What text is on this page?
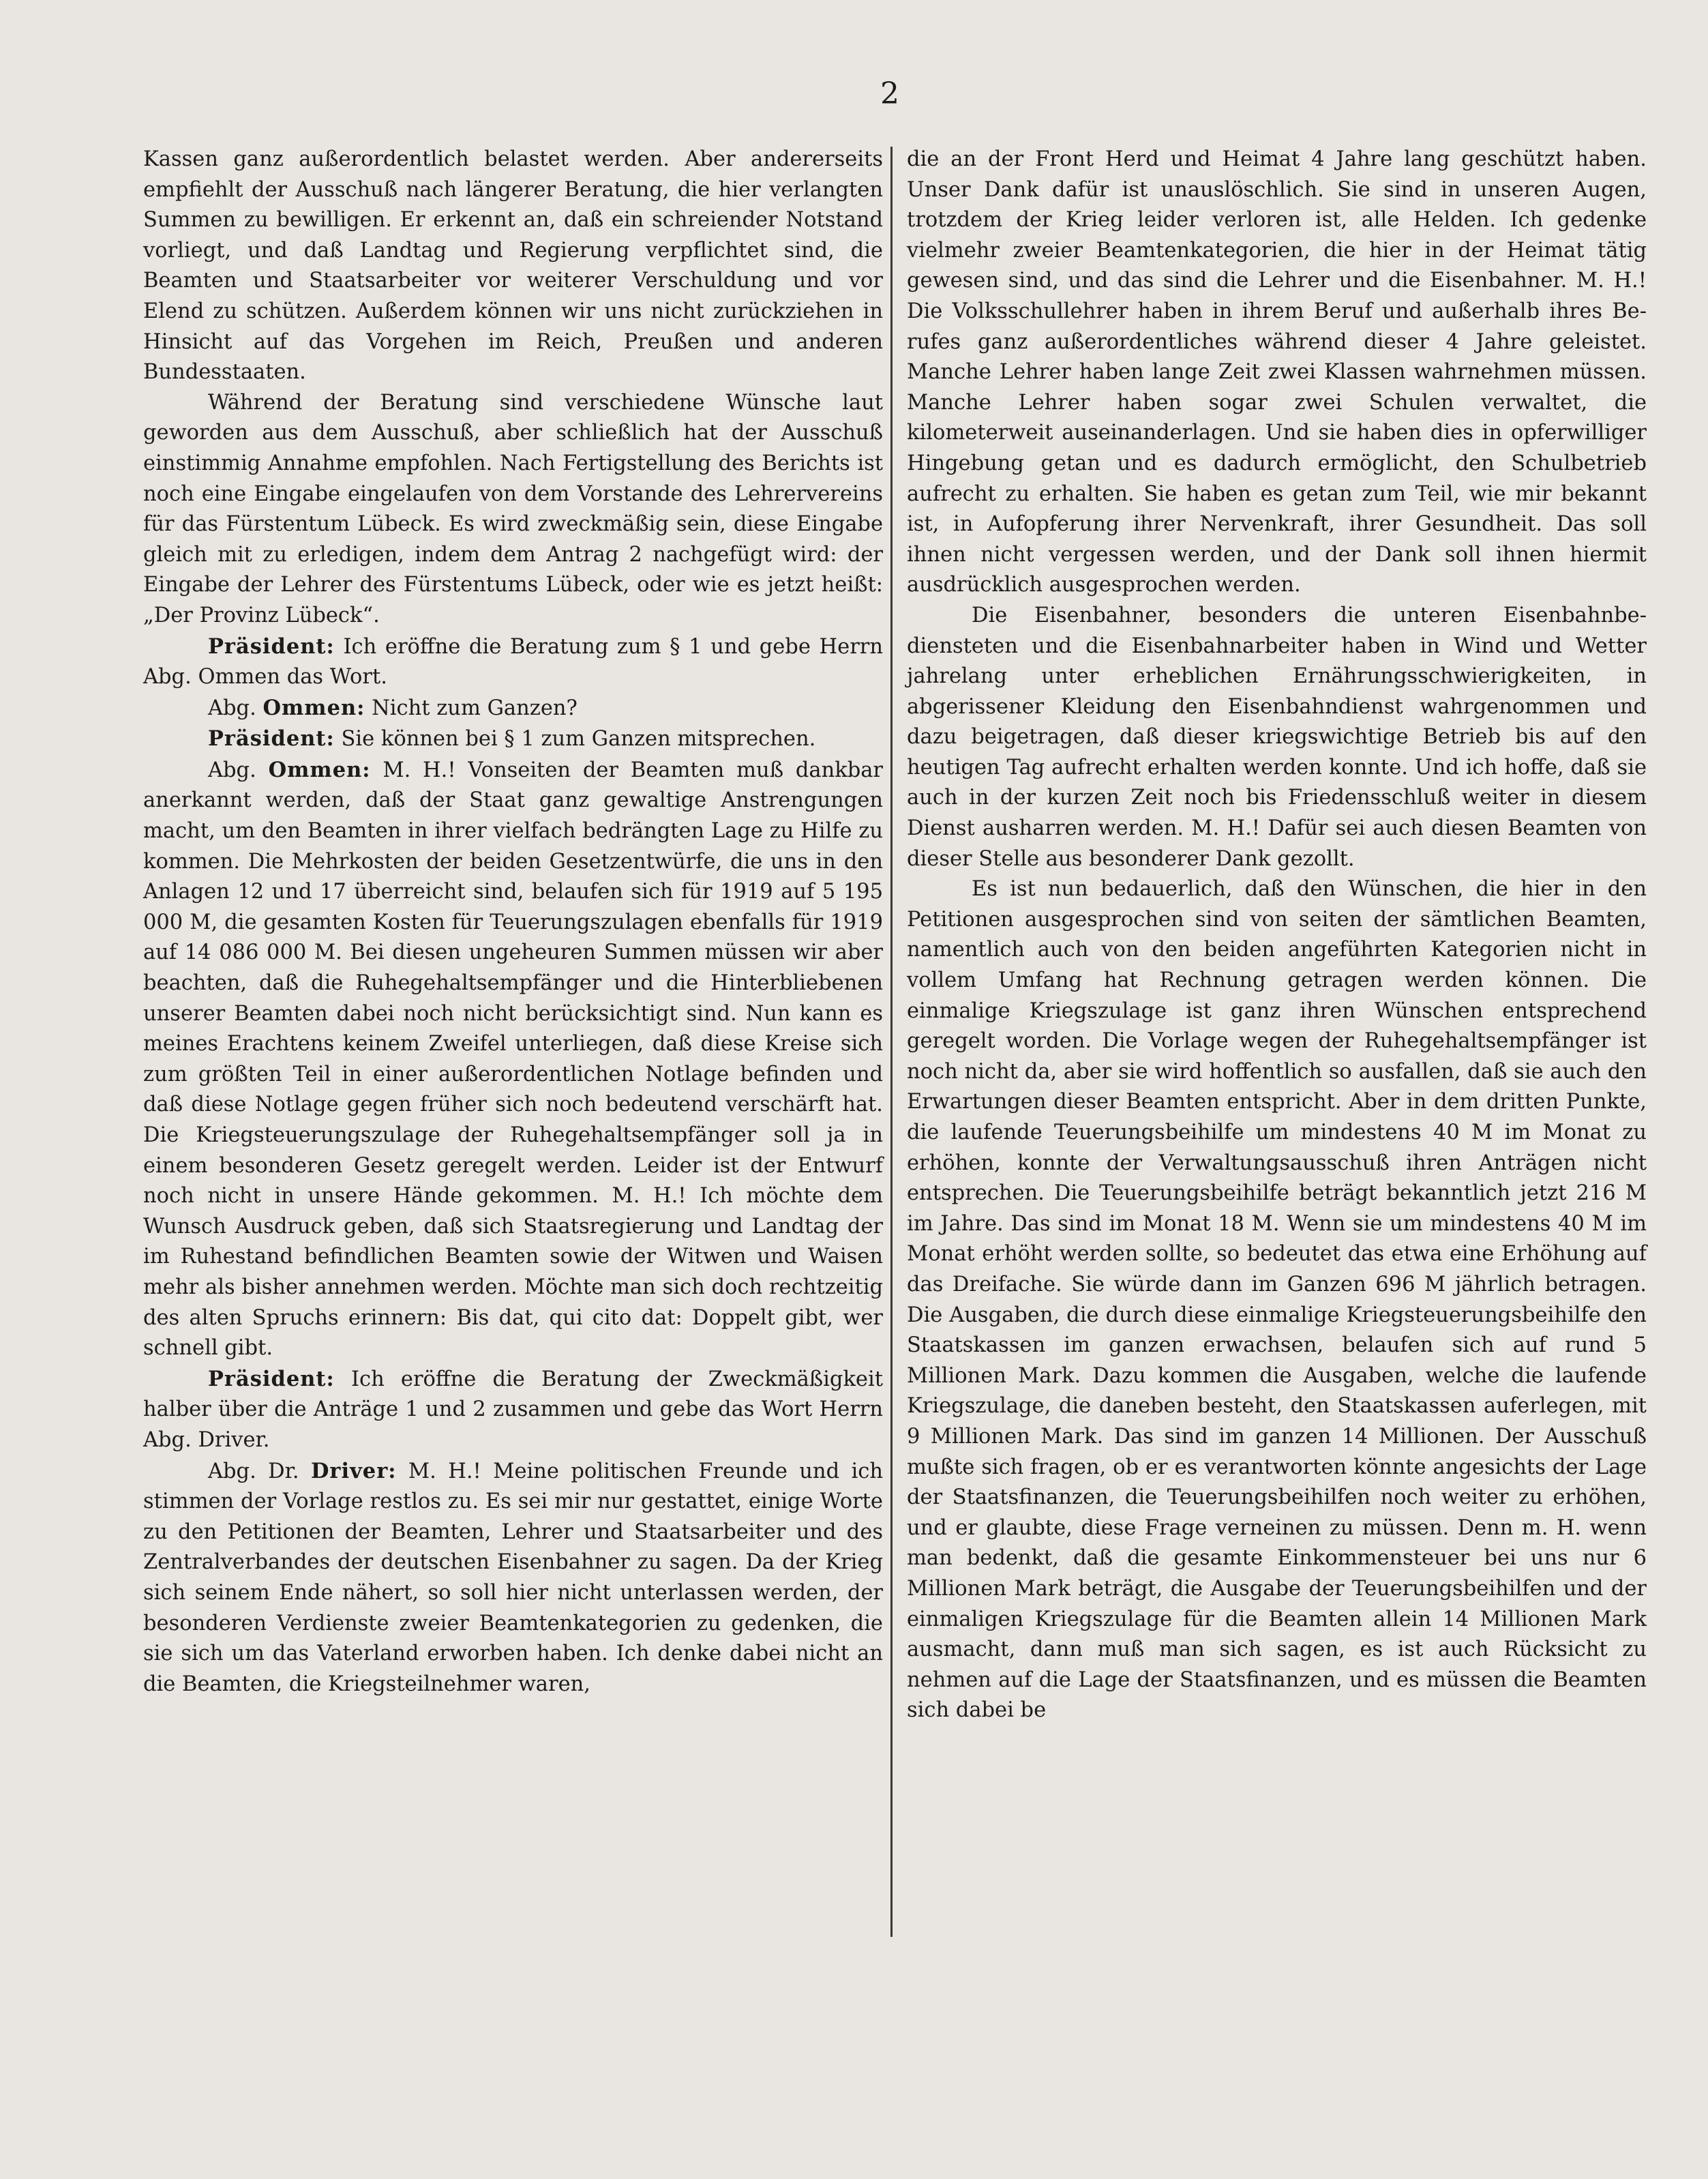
2

Kassen ganz außerordentlich belastet werden. Aber andererseits empfiehlt der Ausschuß nach längerer Beratung, die hier verlangten Summen zu bewilligen. Er erkennt an, daß ein schreiender Notstand vorliegt, und daß Landtag und Regierung verpflichtet sind, die Beamten und Staatsarbeiter vor weiterer Verschuldung und vor Elend zu schützen. Außerdem können wir uns nicht zurückziehen in Hinsicht auf das Vorgehen im Reich, Preußen und anderen Bundesstaaten.

Während der Beratung sind verschiedene Wünsche laut geworden aus dem Ausschuß, aber schließlich hat der Ausschuß einstimmig Annahme empfohlen. Nach Fertigstellung des Berichts ist noch eine Eingabe eingelaufen von dem Vorstande des Lehrervereins für das Fürstentum Lübeck. Es wird zweckmäßig sein, diese Eingabe gleich mit zu erledigen, indem dem Antrag 2 nachgefügt wird: der Eingabe der Lehrer des Fürstentums Lübeck, oder wie es jetzt heißt: „Der Provinz Lübeck“.

Präsident: Ich eröffne die Beratung zum § 1 und gebe Herrn Abg. Ommen das Wort.

Abg. Ommen: Nicht zum Ganzen?

Präsident: Sie können bei § 1 zum Ganzen mitsprechen.

Abg. Ommen: M. H.! Vonseiten der Beamten muß dankbar anerkannt werden, daß der Staat ganz gewaltige Anstrengungen macht, um den Beamten in ihrer vielfach bedrängten Lage zu Hilfe zu kommen. Die Mehrkosten der beiden Gesetzentwürfe, die uns in den Anlagen 12 und 17 überreicht sind, belaufen sich für 1919 auf 5 195 000 M, die gesamten Kosten für Teuerungszulagen ebenfalls für 1919 auf 14 086 000 M. Bei diesen ungeheuren Summen müssen wir aber beachten, daß die Ruhegehaltsempfänger und die Hinterbliebenen unserer Beamten dabei noch nicht berücksichtigt sind. Nun kann es meines Erachtens keinem Zweifel unterliegen, daß diese Kreise sich zum größten Teil in einer außerordentlichen Notlage befinden und daß diese Notlage gegen früher sich noch bedeutend verschärft hat. Die Kriegsteuerungszulage der Ruhegehaltsempfänger soll ja in einem besonderen Gesetz geregelt werden. Leider ist der Entwurf noch nicht in unsere Hände gekommen. M. H.! Ich möchte dem Wunsch Ausdruck geben, daß sich Staatsregierung und Landtag der im Ruhestand befindlichen Beamten sowie der Witwen und Waisen mehr als bisher annehmen werden. Möchte man sich doch rechtzeitig des alten Spruchs erinnern: Bis dat, qui cito dat: Doppelt gibt, wer schnell gibt.

Präsident: Ich eröffne die Beratung der Zweckmäßigkeit halber über die Anträge 1 und 2 zusammen und gebe das Wort Herrn Abg. Driver.

Abg. Dr. Driver: M. H.! Meine politischen Freunde und ich stimmen der Vorlage restlos zu. Es sei mir nur gestattet, einige Worte zu den Petitionen der Beamten, Lehrer und Staatsarbeiter und des Zentralverbandes der deutschen Eisenbahner zu sagen. Da der Krieg sich seinem Ende nähert, so soll hier nicht unterlassen werden, der besonderen Verdienste zweier Beamtenkategorien zu gedenken, die sie sich um das Vaterland erworben haben. Ich denke dabei nicht an die Beamten, die Kriegsteilnehmer waren,

die an der Front Herd und Heimat 4 Jahre lang geschützt haben. Unser Dank dafür ist unauslöschlich. Sie sind in unseren Augen, trotzdem der Krieg leider verloren ist, alle Helden. Ich gedenke vielmehr zweier Beamtenkategorien, die hier in der Heimat tätig gewesen sind, und das sind die Lehrer und die Eisenbahner. M. H.! Die Volksschullehrer haben in ihrem Beruf und außerhalb ihres Berufes ganz außerordentliches während dieser 4 Jahre geleistet. Manche Lehrer haben lange Zeit zwei Klassen wahrnehmen müssen. Manche Lehrer haben sogar zwei Schulen verwaltet, die kilometerweit auseinanderlagen. Und sie haben dies in opferwilliger Hingebung getan und es dadurch ermöglicht, den Schulbetrieb aufrecht zu erhalten. Sie haben es getan zum Teil, wie mir bekannt ist, in Aufopferung ihrer Nervenkraft, ihrer Gesundheit. Das soll ihnen nicht vergessen werden, und der Dank soll ihnen hiermit ausdrücklich ausgesprochen werden.

Die Eisenbahner, besonders die unteren Eisenbahnbediensteten und die Eisenbahnarbeiter haben in Wind und Wetter jahrelang unter erheblichen Ernährungsschwierigkeiten, in abgerissener Kleidung den Eisenbahndienst wahrgenommen und dazu beigetragen, daß dieser kriegswichtige Betrieb bis auf den heutigen Tag aufrecht erhalten werden konnte. Und ich hoffe, daß sie auch in der kurzen Zeit noch bis Friedensschluß weiter in diesem Dienst ausharren werden. M. H.! Dafür sei auch diesen Beamten von dieser Stelle aus besonderer Dank gezollt.

Es ist nun bedauerlich, daß den Wünschen, die hier in den Petitionen ausgesprochen sind von seiten der sämtlichen Beamten, namentlich auch von den beiden angeführten Kategorien nicht in vollem Umfang hat Rechnung getragen werden können. Die einmalige Kriegszulage ist ganz ihren Wünschen entsprechend geregelt worden. Die Vorlage wegen der Ruhegehaltsempfänger ist noch nicht da, aber sie wird hoffentlich so ausfallen, daß sie auch den Erwartungen dieser Beamten entspricht. Aber in dem dritten Punkte, die laufende Teuerungsbeihilfe um mindestens 40 M im Monat zu erhöhen, konnte der Verwaltungsausschuß ihren Anträgen nicht entsprechen. Die Teuerungsbeihilfe beträgt bekanntlich jetzt 216 M im Jahre. Das sind im Monat 18 M. Wenn sie um mindestens 40 M im Monat erhöht werden sollte, so bedeutet das etwa eine Erhöhung auf das Dreifache. Sie würde dann im Ganzen 696 M jährlich betragen. Die Ausgaben, die durch diese einmalige Kriegsteuerungsbeihilfe den Staatskassen im ganzen erwachsen, belaufen sich auf rund 5 Millionen Mark. Dazu kommen die Ausgaben, welche die laufende Kriegszulage, die daneben besteht, den Staatskassen auferlegen, mit 9 Millionen Mark. Das sind im ganzen 14 Millionen. Der Ausschuß mußte sich fragen, ob er es verantworten könnte angesichts der Lage der Staatsfinanzen, die Teuerungsbeihilfen noch weiter zu erhöhen, und er glaubte, diese Frage verneinen zu müssen. Denn m. H. wenn man bedenkt, daß die gesamte Einkommensteuer bei uns nur 6 Millionen Mark beträgt, die Ausgabe der Teuerungsbeihilfen und der einmaligen Kriegszulage für die Beamten allein 14 Millionen Mark ausmacht, dann muß man sich sagen, es ist auch Rücksicht zu nehmen auf die Lage der Staatsfinanzen, und es müssen die Beamten sich dabei be
